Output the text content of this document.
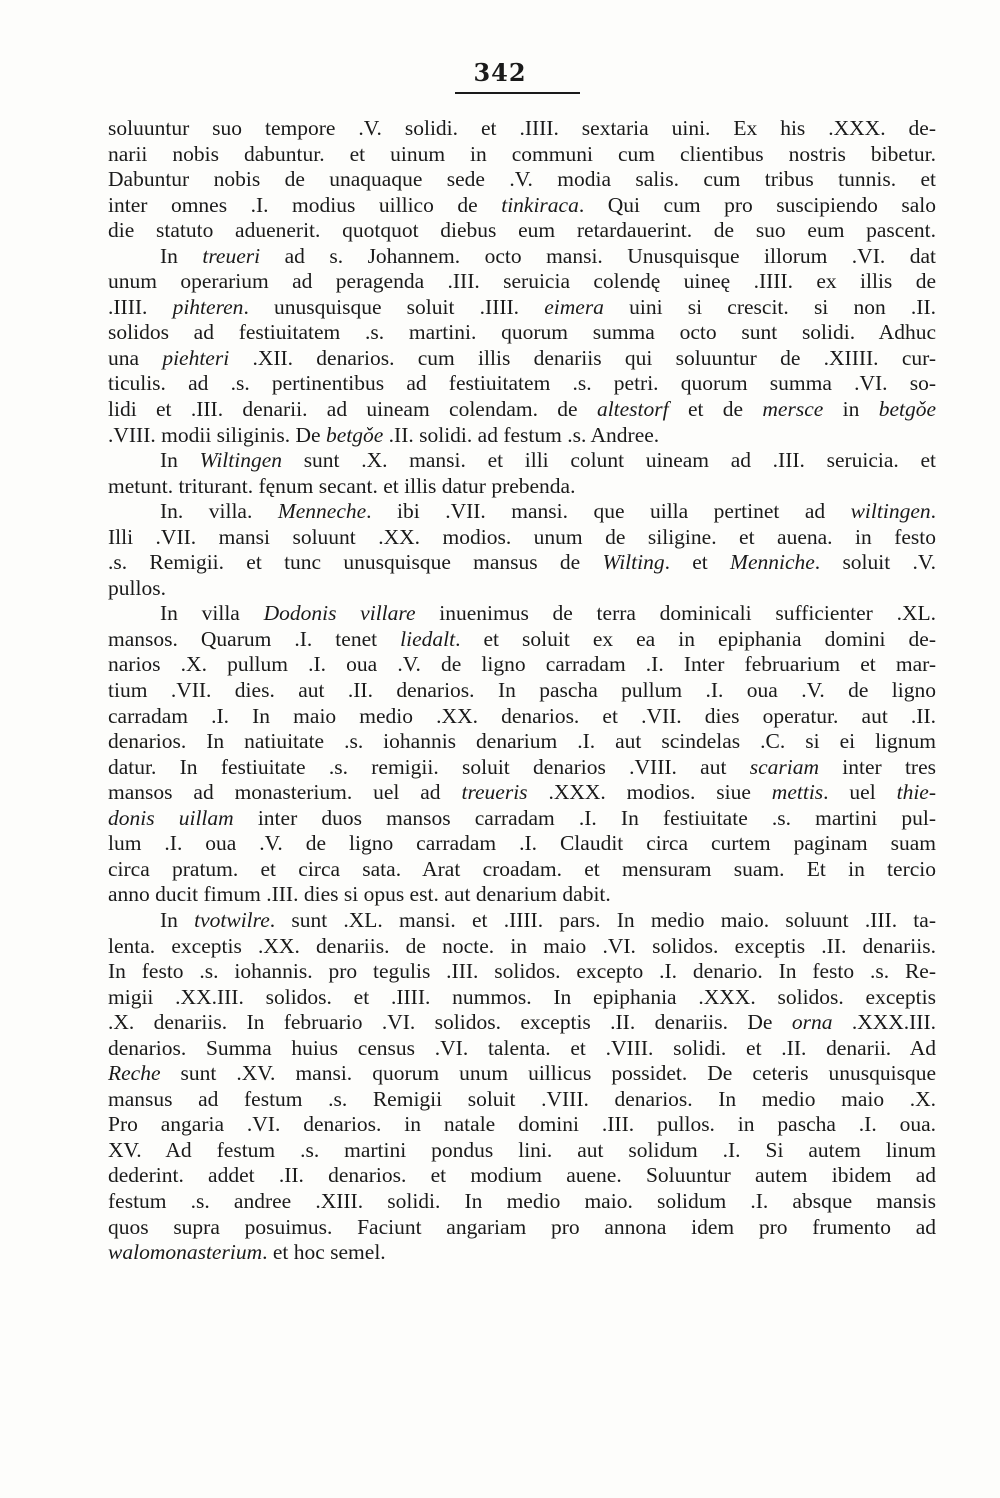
342
soluuntur suo tempore .V. solidi. et .IIII. sextaria uini. Ex his .XXX. de-
narii nobis dabuntur. et uinum in communi cum clientibus nostris bibetur.
Dabuntur nobis de unaquaque sede .V. modia salis. cum tribus tunnis. et
inter omnes .I. modius uillico de tinkiraca. Qui cum pro suscipiendo salo
die statuto aduenerit. quotquot diebus eum retardauerint. de suo eum pascent.
In treueri ad s. Johannem. octo mansi. Unusquisque illorum .VI. dat
unum operarium ad peragenda .III. seruicia colendę uineę .IIII. ex illis de
.IIII. pihteren. unusquisque soluit .IIII. eimera uini si crescit. si non .II.
solidos ad festiuitatem .s. martini. quorum summa octo sunt solidi. Adhuc
una piehteri .XII. denarios. cum illis denariis qui soluuntur de .XIIII. cur-
ticulis. ad .s. pertinentibus ad festiuitatem .s. petri. quorum summa .VI. so-
lidi et .III. denarii. ad uineam colendam. de altestorf et de mersce in betgǒe
.VIII. modii siliginis. De betgǒe .II. solidi. ad festum .s. Andree.
In Wiltingen sunt .X. mansi. et illi colunt uineam ad .III. seruicia. et
metunt. triturant. fęnum secant. et illis datur prebenda.
In. villa. Menneche. ibi .VII. mansi. que uilla pertinet ad wiltingen.
Illi .VII. mansi soluunt .XX. modios. unum de siligine. et auena. in festo
.s. Remigii. et tunc unusquisque mansus de Wilting. et Menniche. soluit .V.
pullos.
In villa Dodonis villare inuenimus de terra dominicali sufficienter .XL.
mansos. Quarum .I. tenet liedalt. et soluit ex ea in epiphania domini de-
narios .X. pullum .I. oua .V. de ligno carradam .I. Inter februarium et mar-
tium .VII. dies. aut .II. denarios. In pascha pullum .I. oua .V. de ligno
carradam .I. In maio medio .XX. denarios. et .VII. dies operatur. aut .II.
denarios. In natiuitate .s. iohannis denarium .I. aut scindelas .C. si ei lignum
datur. In festiuitate .s. remigii. soluit denarios .VIII. aut scariam inter tres
mansos ad monasterium. uel ad treueris .XXX. modios. siue mettis. uel thie-
donis uillam inter duos mansos carradam .I. In festiuitate .s. martini pul-
lum .I. oua .V. de ligno carradam .I. Claudit circa curtem paginam suam
circa pratum. et circa sata. Arat croadam. et mensuram suam. Et in tercio
anno ducit fimum .III. dies si opus est. aut denarium dabit.
In tvotwilre. sunt .XL. mansi. et .IIII. pars. In medio maio. soluunt .III. ta-
lenta. exceptis .XX. denariis. de nocte. in maio .VI. solidos. exceptis .II. denariis.
In festo .s. iohannis. pro tegulis .III. solidos. excepto .I. denario. In festo .s. Re-
migii .XX.III. solidos. et .IIII. nummos. In epiphania .XXX. solidos. exceptis
.X. denariis. In februario .VI. solidos. exceptis .II. denariis. De orna .XXX.III.
denarios. Summa huius census .VI. talenta. et .VIII. solidi. et .II. denarii. Ad
Reche sunt .XV. mansi. quorum unum uillicus possidet. De ceteris unusquisque
mansus ad festum .s. Remigii soluit .VIII. denarios. In medio maio .X.
Pro angaria .VI. denarios. in natale domini .III. pullos. in pascha .I. oua.
XV. Ad festum .s. martini pondus lini. aut solidum .I. Si autem linum
dederint. addet .II. denarios. et modium auene. Soluuntur autem ibidem ad
festum .s. andree .XIII. solidi. In medio maio. solidum .I. absque mansis
quos supra posuimus. Faciunt angariam pro annona idem pro frumento ad
walomonasterium. et hoc semel.
